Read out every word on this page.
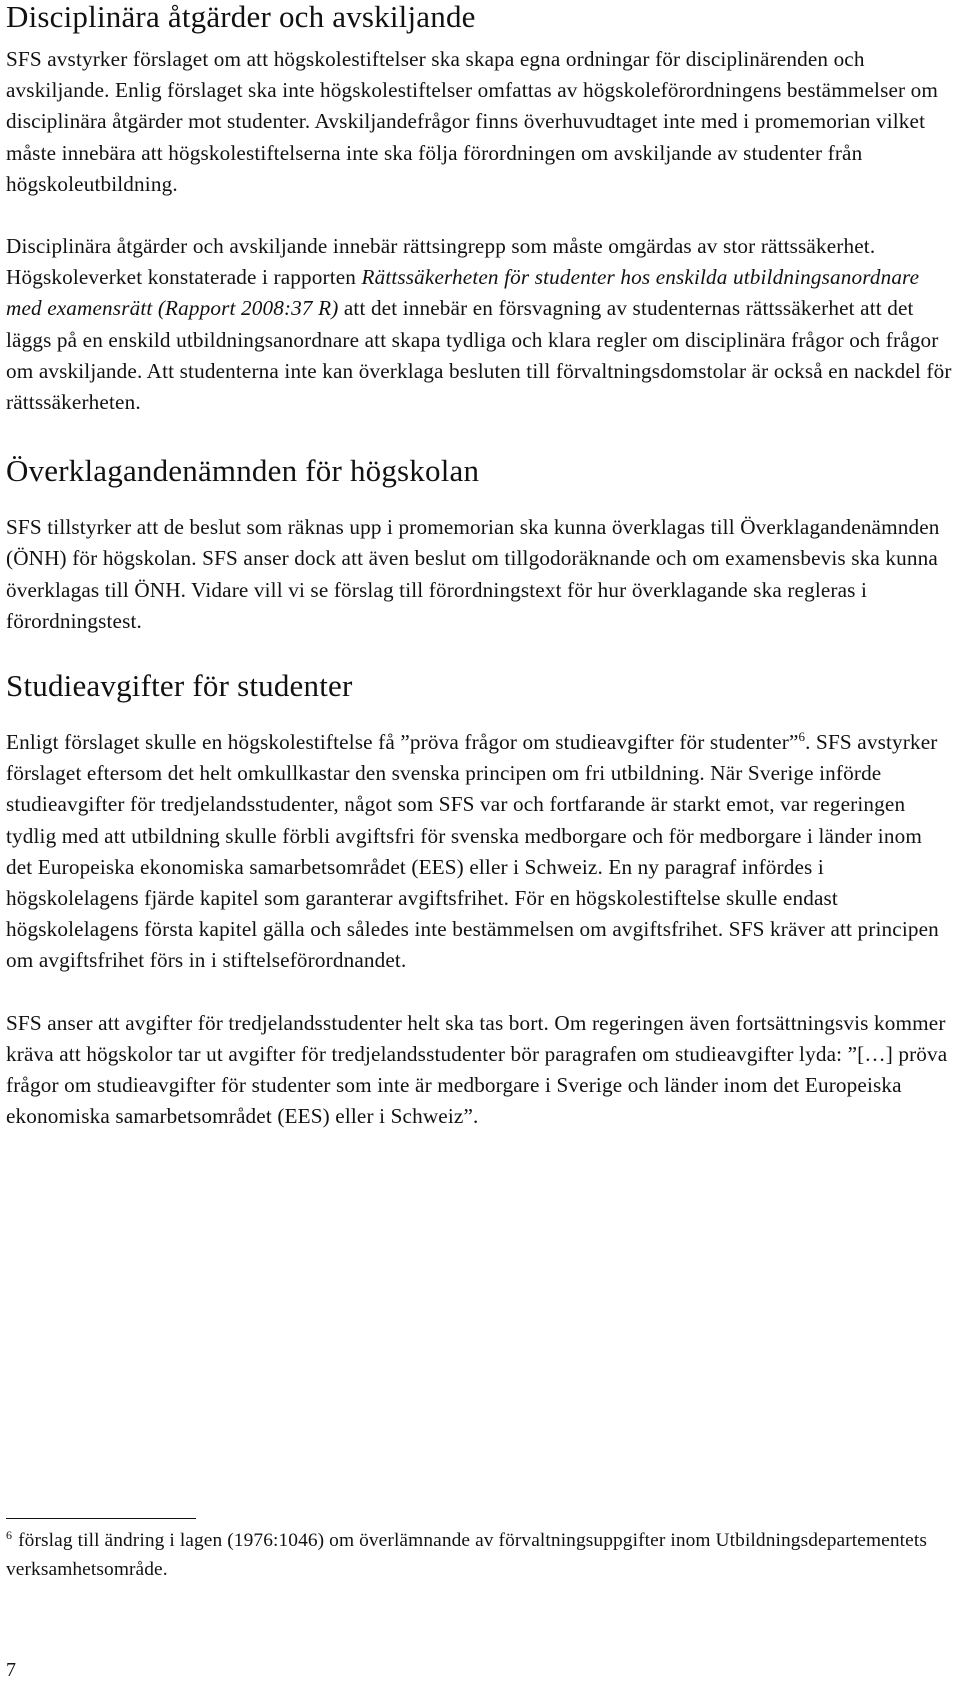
Disciplinära åtgärder och avskiljande

SFS avstyrker förslaget om att högskolestiftelser ska skapa egna ordningar för disciplinärenden och avskiljande. Enlig förslaget ska inte högskolestiftelser omfattas av högskoleförordningens bestämmelser om disciplinära åtgärder mot studenter. Avskiljandefrågor finns överhuvudtaget inte med i promemorian vilket måste innebära att högskolestiftelserna inte ska följa förordningen om avskiljande av studenter från högskoleutbildning.

Disciplinära åtgärder och avskiljande innebär rättsingrepp som måste omgärdas av stor rättssäkerhet. Högskoleverket konstaterade i rapporten Rättssäkerheten för studenter hos enskilda utbildningsanordnare med examensrätt (Rapport 2008:37 R) att det innebär en försvagning av studenternas rättssäkerhet att det läggs på en enskild utbildningsanordnare att skapa tydliga och klara regler om disciplinära frågor och frågor om avskiljande. Att studenterna inte kan överklaga besluten till förvaltningsdomstolar är också en nackdel för rättssäkerheten.

Överklagandenämnden för högskolan

SFS tillstyrker att de beslut som räknas upp i promemorian ska kunna överklagas till Överklagandenämnden (ÖNH) för högskolan. SFS anser dock att även beslut om tillgodoräknande och om examensbevis ska kunna överklagas till ÖNH. Vidare vill vi se förslag till förordningstext för hur överklagande ska regleras i förordningstest.

Studieavgifter för studenter

Enligt förslaget skulle en högskolestiftelse få ”pröva frågor om studieavgifter för studenter”$^6$. SFS avstyrker förslaget eftersom det helt omkullkastar den svenska principen om fri utbildning. När Sverige införde studieavgifter för tredjelandsstudenter, något som SFS var och fortfarande är starkt emot, var regeringen tydlig med att utbildning skulle förbli avgiftsfri för svenska medborgare och för medborgare i länder inom det Europeiska ekonomiska samarbetsområdet (EES) eller i Schweiz. En ny paragraf infördes i högskolelagens fjärde kapitel som garanterar avgiftsfrihet. För en högskolestiftelse skulle endast högskolelagens första kapitel gälla och således inte bestämmelsen om avgiftsfrihet. SFS kräver att principen om avgiftsfrihet förs in i stiftelseförordnandet.

SFS anser att avgifter för tredjelandsstudenter helt ska tas bort. Om regeringen även fortsättningsvis kommer kräva att högskolor tar ut avgifter för tredjelandsstudenter bör paragrafen om studieavgifter lyda: ”[…] pröva frågor om studieavgifter för studenter som inte är medborgare i Sverige och länder inom det Europeiska ekonomiska samarbetsområdet (EES) eller i Schweiz”.

$^6$ förslag till ändring i lagen (1976:1046) om överlämnande av förvaltningsuppgifter inom Utbildningsdepartementets verksamhetsområde.
7
